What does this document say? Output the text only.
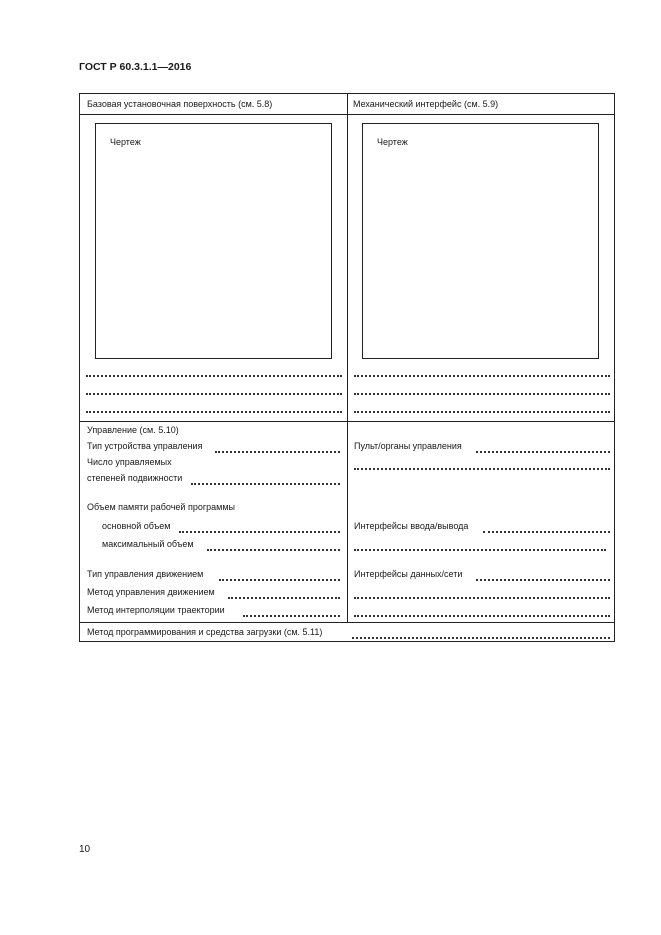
ГОСТ Р 60.3.1.1—2016
Базовая установочная поверхность (см. 5.8)	Механический интерфейс (см. 5.9)
Чертеж	Чертеж
Управление (см. 5.10)
Тип устройства управления
Число управляемых
степеней подвижности
Объем памяти рабочей программы
основной объем
максимальный объем
Тип управления движением
Метод управления движением
Метод интерполяции траектории
Пульт/органы управления
Интерфейсы ввода/вывода
Интерфейсы данных/сети
Метод программирования и средства загрузки (см. 5.11)
10
